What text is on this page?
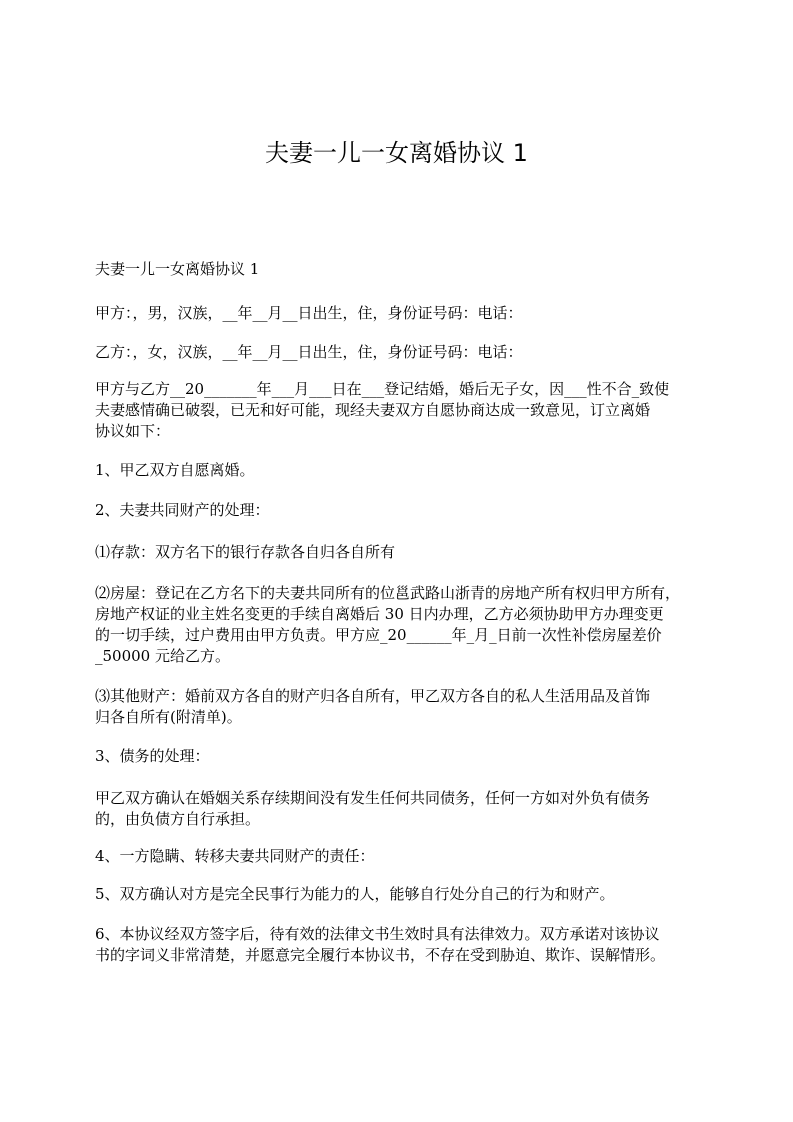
夫妻一儿一女离婚协议 1

夫妻一儿一女离婚协议 1

甲方：，男，汉族，__年__月__日出生，住，身份证号码：电话：

乙方：，女，汉族，__年__月__日出生，住，身份证号码：电话：

甲方与乙方__20_______年___月___日在___登记结婚，婚后无子女，因___性不合_致使
夫妻感情确已破裂，已无和好可能，现经夫妻双方自愿协商达成一致意见，订立离婚
协议如下：

1、甲乙双方自愿离婚。

2、夫妻共同财产的处理：

⑴存款：双方名下的银行存款各自归各自所有

⑵房屋：登记在乙方名下的夫妻共同所有的位邕武路山浙青的房地产所有权归甲方所有，
房地产权证的业主姓名变更的手续自离婚后 30 日内办理，乙方必须协助甲方办理变更
的一切手续，过户费用由甲方负责。甲方应_20______年_月_日前一次性补偿房屋差价
_50000 元给乙方。

⑶其他财产：婚前双方各自的财产归各自所有，甲乙双方各自的私人生活用品及首饰
归各自所有(附清单)。

3、债务的处理：

甲乙双方确认在婚姻关系存续期间没有发生任何共同债务，任何一方如对外负有债务
的，由负债方自行承担。

4、一方隐瞒、转移夫妻共同财产的责任：

5、双方确认对方是完全民事行为能力的人，能够自行处分自己的行为和财产。

6、本协议经双方签字后，待有效的法律文书生效时具有法律效力。双方承诺对该协议
书的字词义非常清楚，并愿意完全履行本协议书，不存在受到胁迫、欺诈、误解情形。
